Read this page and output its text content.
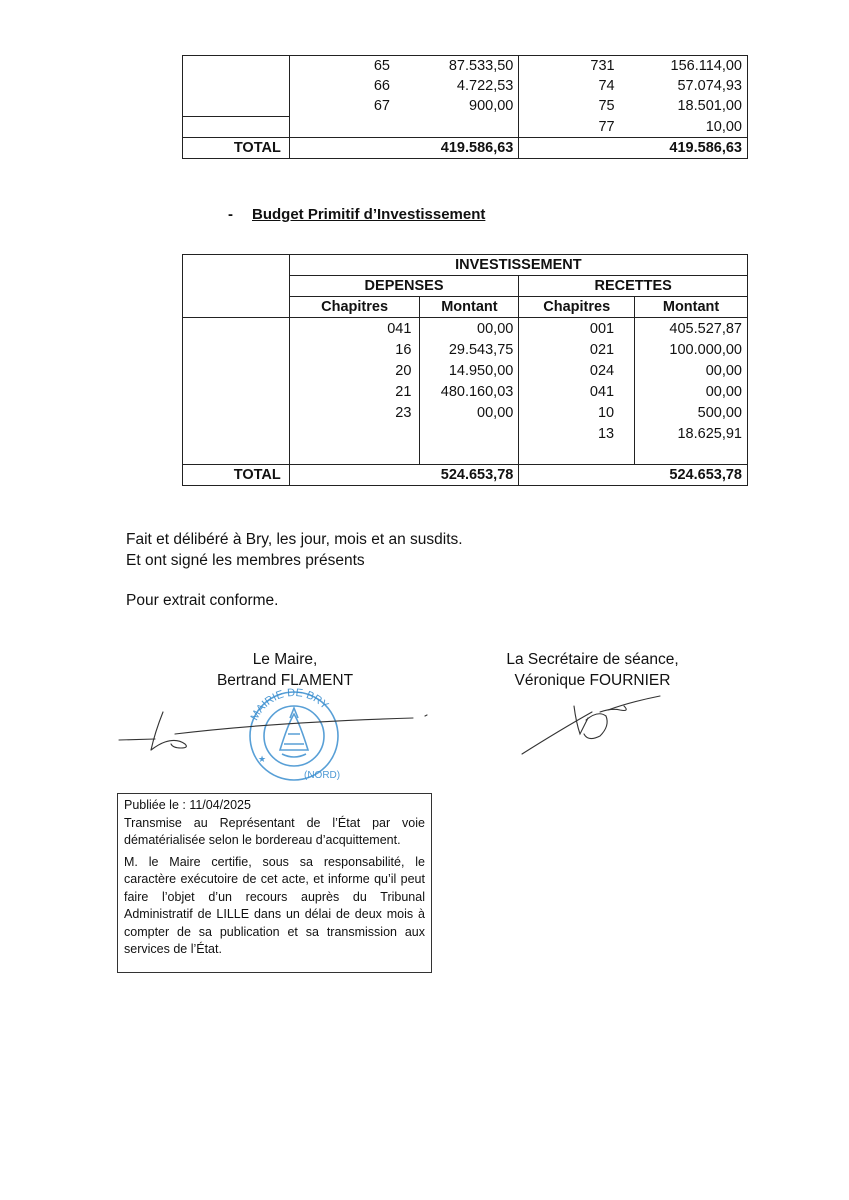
	65	87.533,50	731	156.114,00
	66	4.722,53	74	57.074,93
	67	900,00	75	18.501,00
			77	10,00
TOTAL	419.586,63		419.586,63	
- Budget Primitif d’Investissement
	INVESTISSEMENT			
	DEPENSES		RECETTES	
	Chapitres	Montant	Chapitres	Montant
	041	00,00	001	405.527,87
	16	29.543,75	021	100.000,00
	20	14.950,00	024	00,00
	21	480.160,03	041	00,00
	23	00,00	10	500,00
			13	18.625,91

TOTAL	524.653,78		524.653,78	
Fait et délibéré à Bry, les jour, mois et an susdits.
Et ont signé les membres présents
Pour extrait conforme.
Le Maire,
Bertrand FLAMENT
La Secrétaire de séance,
Véronique FOURNIER
MAIRIE DE BRY
(NORD)
★

Publiée le : 11/04/2025

Transmise au Représentant de l’État par voie dématérialisée selon le bordereau d’acquittement.

M. le Maire certifie, sous sa responsabilité, le caractère exécutoire de cet acte, et informe qu’il peut faire l’objet d’un recours auprès du Tribunal Administratif de LILLE dans un délai de deux mois à compter de sa publication et sa transmission aux services de l’État.
